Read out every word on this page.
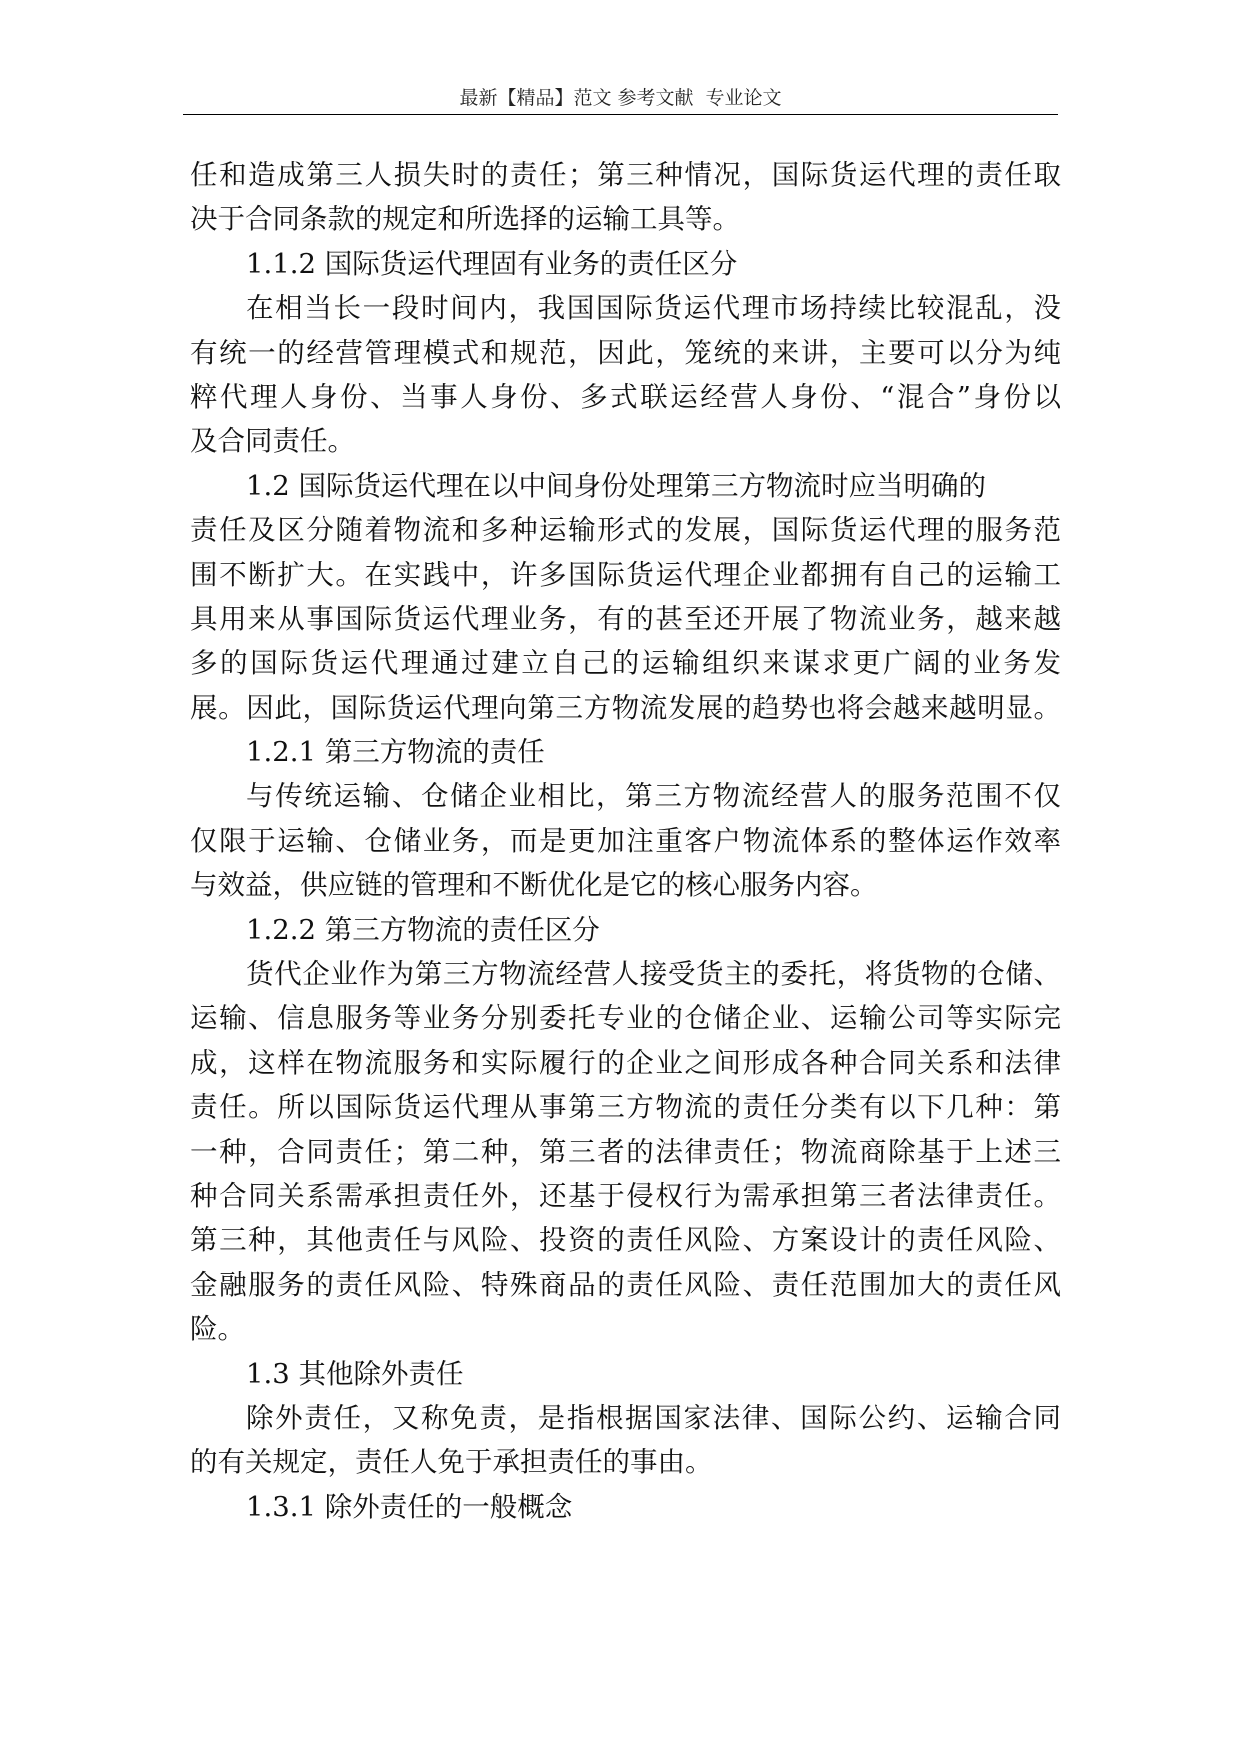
最新【精品】范文 参考文献  专业论文
任和造成第三人损失时的责任；第三种情况，国际货运代理的责任取
决于合同条款的规定和所选择的运输工具等。
1.1.2 国际货运代理固有业务的责任区分
在相当长一段时间内，我国国际货运代理市场持续比较混乱，没
有统一的经营管理模式和规范，因此，笼统的来讲，主要可以分为纯
粹代理人身份、当事人身份、多式联运经营人身份、“混合”身份以
及合同责任。
1.2 国际货运代理在以中间身份处理第三方物流时应当明确的
责任及区分随着物流和多种运输形式的发展，国际货运代理的服务范
围不断扩大。在实践中，许多国际货运代理企业都拥有自己的运输工
具用来从事国际货运代理业务，有的甚至还开展了物流业务，越来越
多的国际货运代理通过建立自己的运输组织来谋求更广阔的业务发
展。因此，国际货运代理向第三方物流发展的趋势也将会越来越明显。
1.2.1 第三方物流的责任
与传统运输、仓储企业相比，第三方物流经营人的服务范围不仅
仅限于运输、仓储业务，而是更加注重客户物流体系的整体运作效率
与效益，供应链的管理和不断优化是它的核心服务内容。
1.2.2 第三方物流的责任区分
货代企业作为第三方物流经营人接受货主的委托，将货物的仓储、
运输、信息服务等业务分别委托专业的仓储企业、运输公司等实际完
成，这样在物流服务和实际履行的企业之间形成各种合同关系和法律
责任。所以国际货运代理从事第三方物流的责任分类有以下几种：第
一种，合同责任；第二种，第三者的法律责任；物流商除基于上述三
种合同关系需承担责任外，还基于侵权行为需承担第三者法律责任。
第三种，其他责任与风险、投资的责任风险、方案设计的责任风险、
金融服务的责任风险、特殊商品的责任风险、责任范围加大的责任风
险。
1.3 其他除外责任
除外责任，又称免责，是指根据国家法律、国际公约、运输合同
的有关规定，责任人免于承担责任的事由。
1.3.1 除外责任的一般概念
